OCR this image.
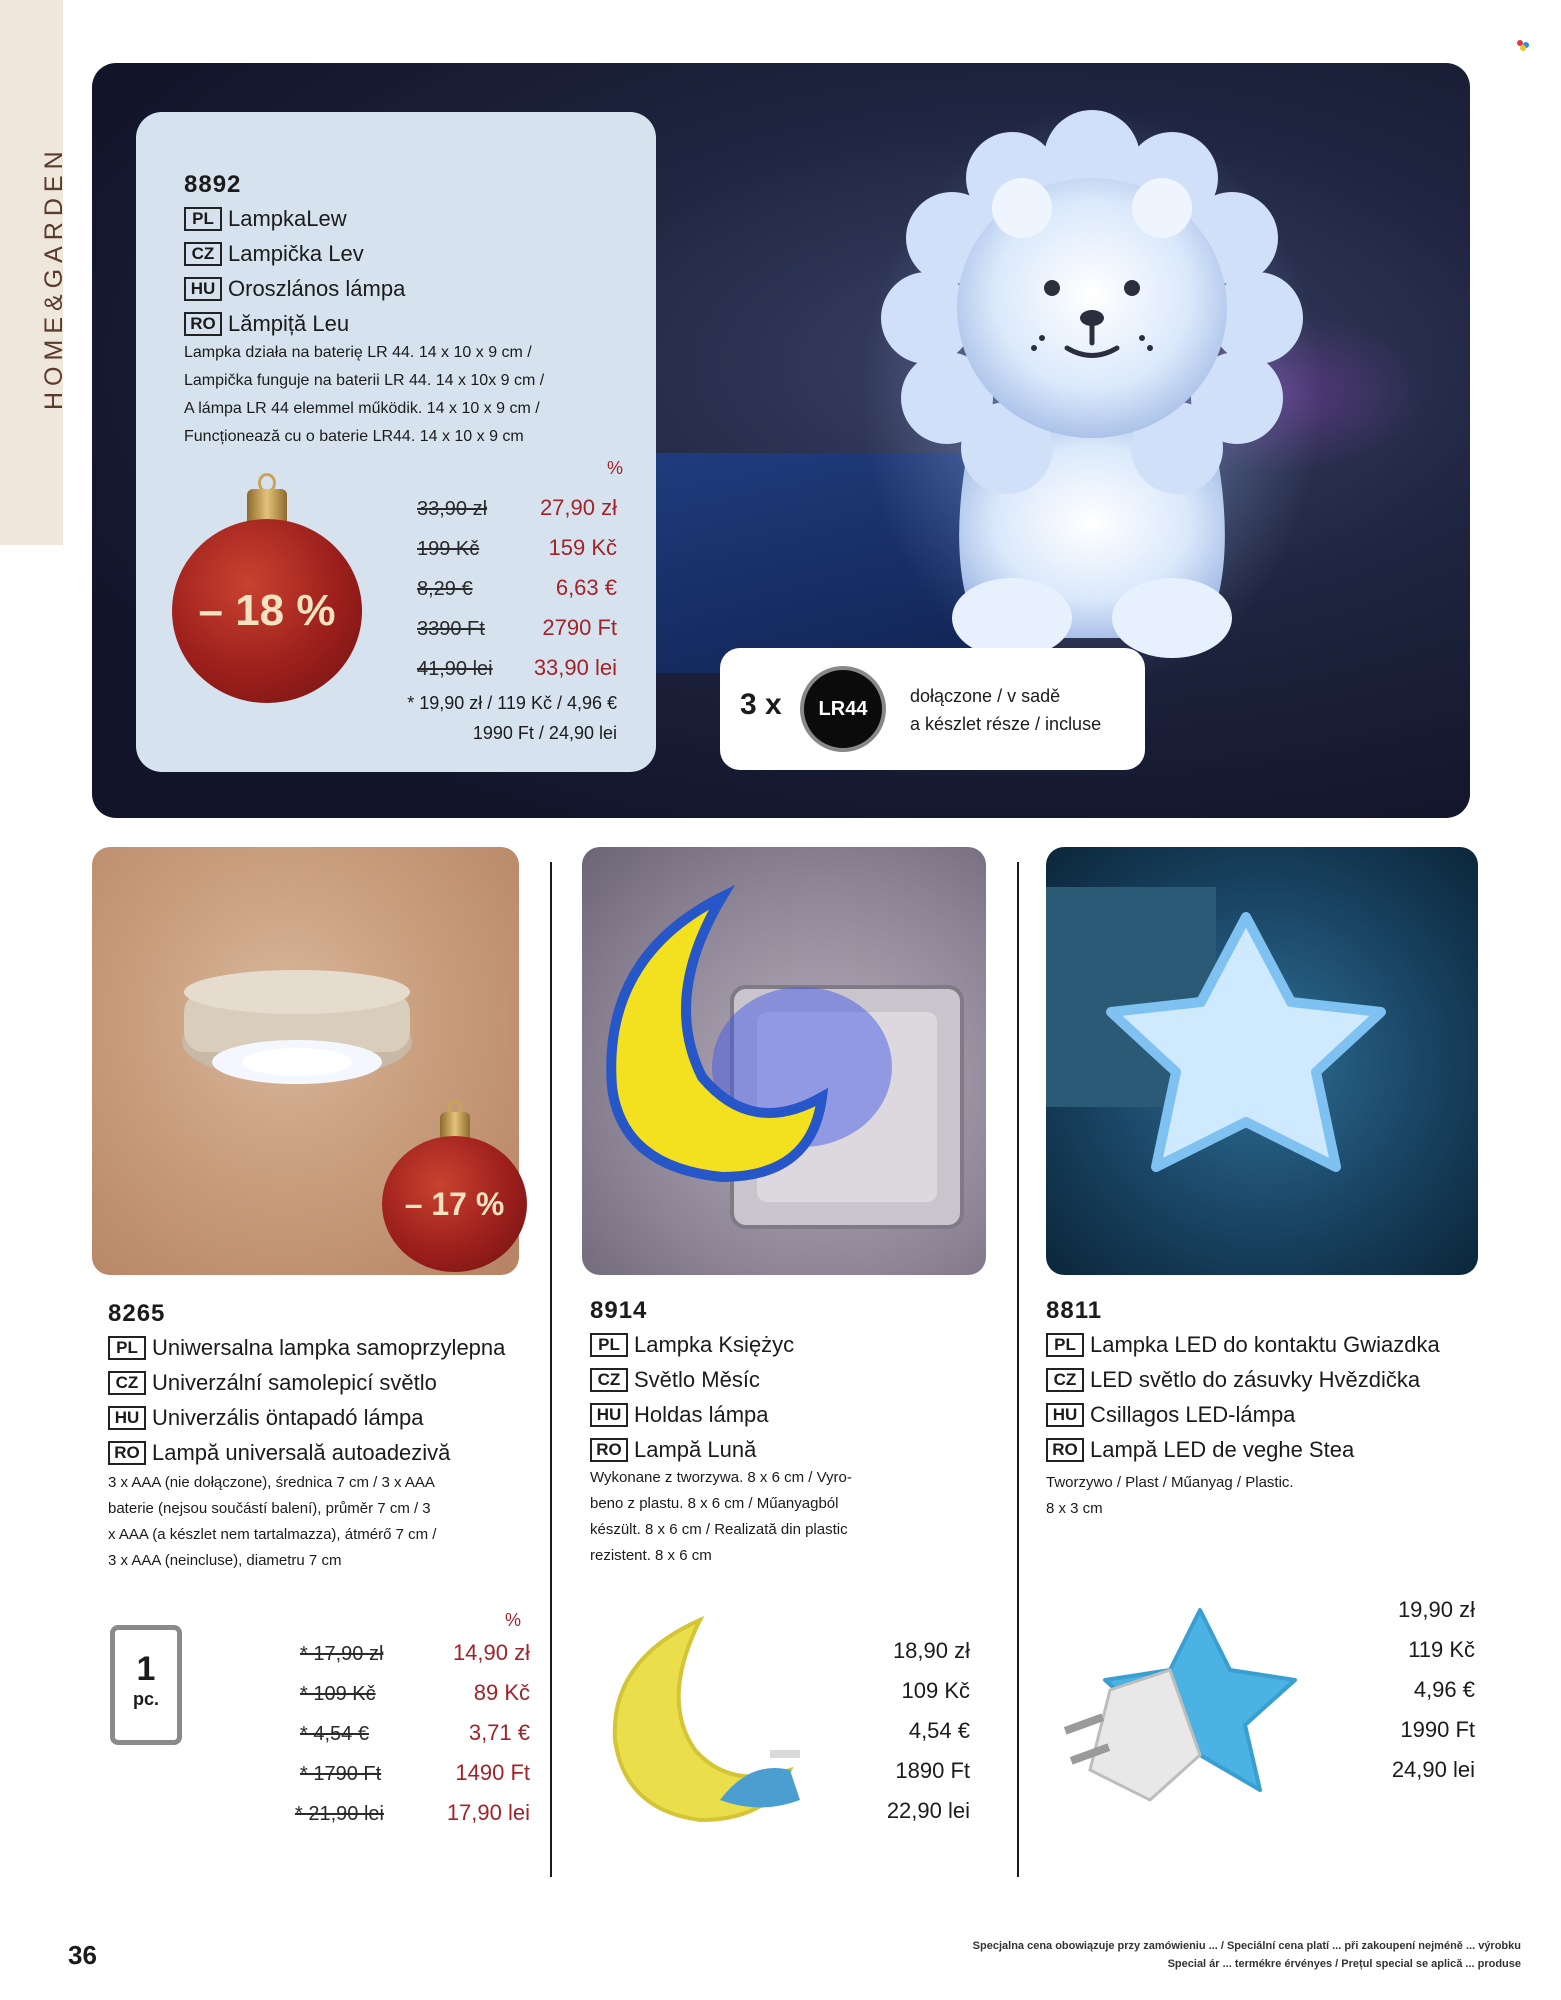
HOME&GARDEN	8892
PL LampkaLew
CZ Lampička Lev
HU Oroszlános lámpa
RO Lămpiță Leu
Lampka działa na baterię LR 44. 14 x 10 x 9 cm /
Lampička funguje na baterii LR 44. 14 x 10x 9 cm /
A lámpa LR 44 elemmel működik. 14 x 10 x 9 cm /
Funcționează cu o baterie LR44. 14 x 10 x 9 cm
%
33,90 zł 27,90 zł
199 Kč	159 Kč
8,29 €	6,63 €
3390 Ft	2790 Ft
41,90 lei	33,90 lei
* 19,90 zł / 119 Kč / 4,96 €
1990 Ft / 24,90 lei
– 18 %
3 x	LR44
dołączone / v sadě
a készlet része / incluse
– 17 %
8265
PL Uniwersalna lampka samoprzylepna
CZ Univerzální samolepicí světlo
HU Univerzális öntapadó lámpa
RO Lampă universală autoadezivă
3 x AAA (nie dołączone), średnica 7 cm / 3 x AAA
baterie (nejsou součástí balení), průměr 7 cm / 3
x AAA (a készlet nem tartalmazza), átmérő 7 cm /
3 x AAA (neincluse), diametru 7 cm
%
1
pc.
* 17,90 zł	14,90 zł
* 109 Kč	89 Kč
* 4,54 €	3,71 €
* 1790 Ft	1490 Ft
* 21,90 lei	17,90 lei
8914
PL Lampka Księżyc
CZ Světlo Měsíc
HU Holdas lámpa
RO Lampă Lună
Wykonane z tworzywa. 8 x 6 cm / Vyro-
beno z plastu. 8 x 6 cm / Műanyagból
készült. 8 x 6 cm / Realizată din plastic
rezistent. 8 x 6 cm
18,90 zł
109 Kč
4,54 €
1890 Ft
22,90 lei
8811
PL Lampka LED do kontaktu Gwiazdka
CZ LED světlo do zásuvky Hvězdička
HU Csillagos LED-lámpa
RO Lampă LED de veghe Stea
Tworzywo / Plast / Műanyag / Plastic.
8 x 3 cm
19,90 zł
119 Kč
4,96 €
1990 Ft
24,90 lei
36	Specjalna cena obowiązuje przy zamówieniu ... / Speciální cena platí ... při zakoupení nejméně ... výrobku
Special ár ... termékre érvényes / Prețul special se aplică ... produse
